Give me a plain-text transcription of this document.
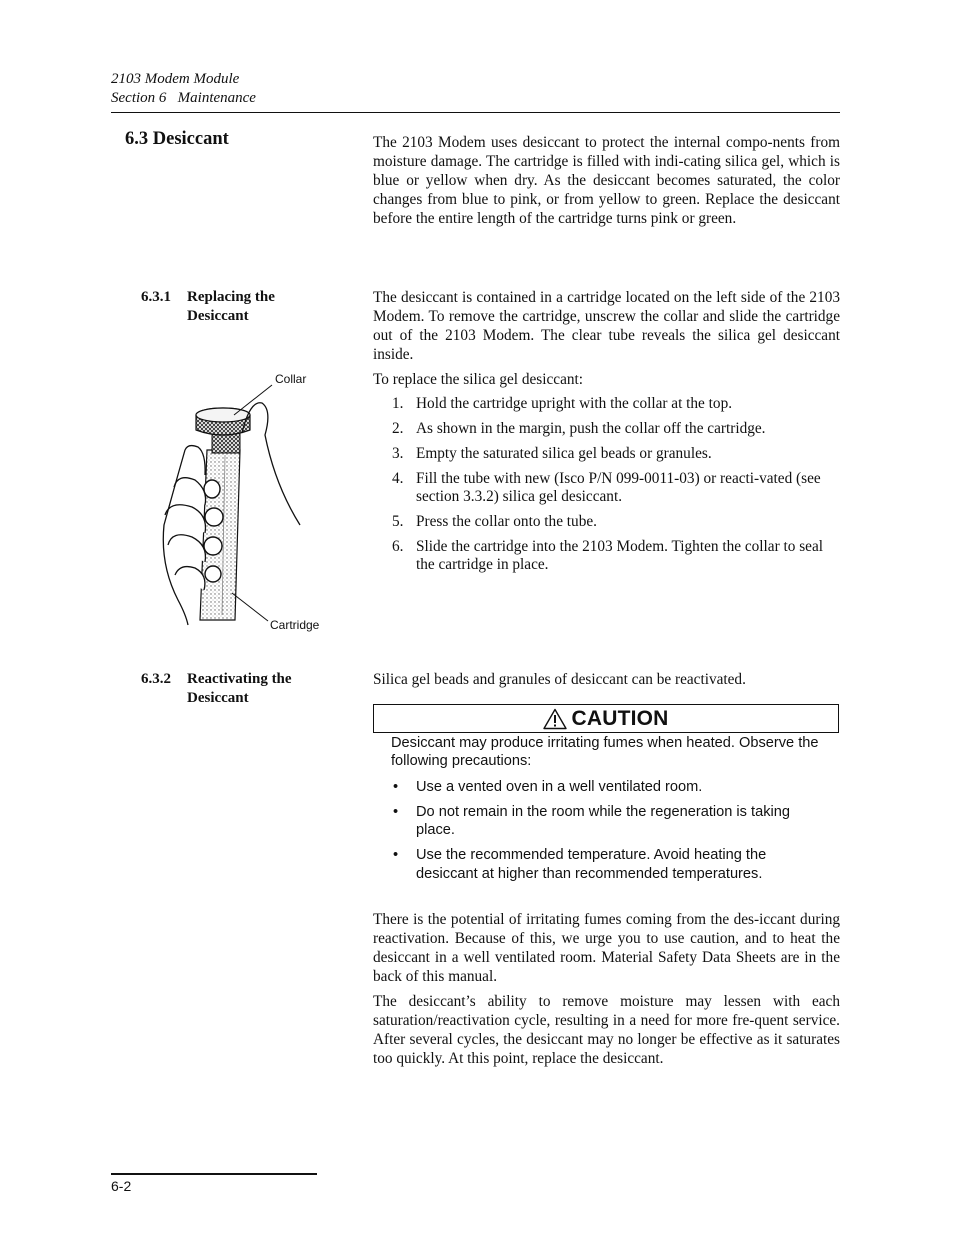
2103 Modem Module
Section 6   Maintenance
6.3 Desiccant	The 2103 Modem uses desiccant to protect the internal compo-nents from moisture damage. The cartridge is filled with indi-cating silica gel, which is blue or yellow when dry. As the desiccant becomes saturated, the color changes from blue to pink, or from yellow to green. Replace the desiccant before the entire length of the cartridge turns pink or green.

6.3.1 Replacing the
Desiccant

The desiccant is contained in a cartridge located on the left side of the 2103 Modem. To remove the cartridge, unscrew the collar and slide the cartridge out of the 2103 Modem. The clear tube reveals the silica gel desiccant inside.

To replace the silica gel desiccant:

1. Hold the cartridge upright with the collar at the top.
2. As shown in the margin, push the collar off the cartridge.
3. Empty the saturated silica gel beads or granules.
4. Fill the tube with new (Isco P/N 099-0011-03) or reacti-vated (see section 3.3.2) silica gel desiccant.
5. Press the collar onto the tube.
6. Slide the cartridge into the 2103 Modem. Tighten the collar to seal the cartridge in place.
Collar
Cartridge
6.3.2 Reactivating the
Desiccant

Silica gel beads and granules of desiccant can be reactivated.

CAUTION

Desiccant may produce irritating fumes when heated. Observe the following precautions:

• Use a vented oven in a well ventilated room.
• Do not remain in the room while the regeneration is taking place.
• Use the recommended temperature. Avoid heating the desiccant at higher than recommended temperatures.

There is the potential of irritating fumes coming from the des-iccant during reactivation. Because of this, we urge you to use caution, and to heat the desiccant in a well ventilated room. Material Safety Data Sheets are in the back of this manual.

The desiccant’s ability to remove moisture may lessen with each saturation/reactivation cycle, resulting in a need for more fre-quent service. After several cycles, the desiccant may no longer be effective as it saturates too quickly. At this point, replace the desiccant.

6-2
